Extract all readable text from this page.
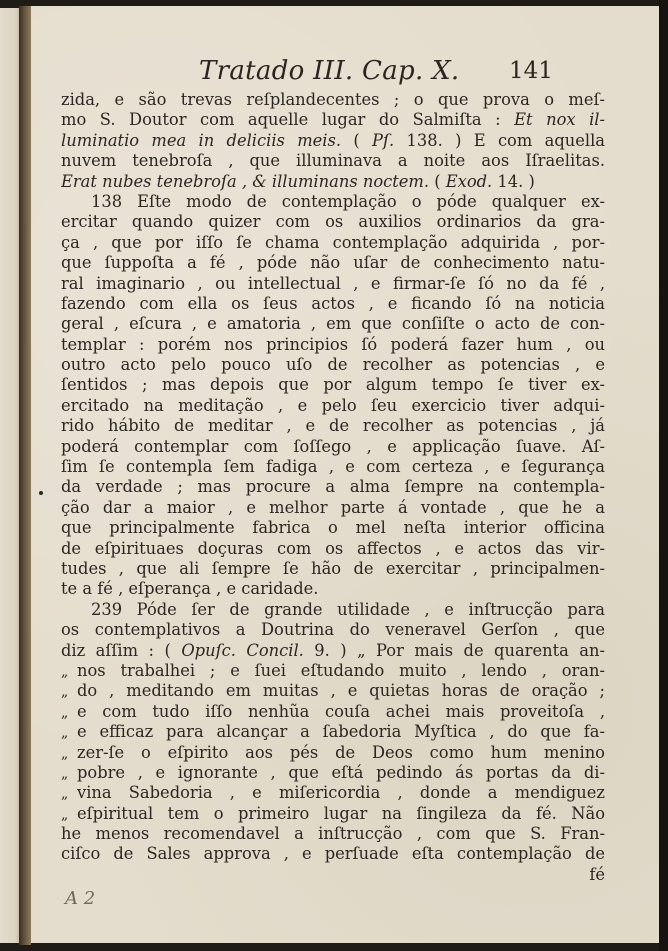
Tratado III. Cap. X. 141
zida, e são trevas reſplandecentes ; o que prova o meſ-
mo S. Doutor com aquelle lugar do Salmiſta : Et nox il-
luminatio mea in deliciis meis. ( Pſ. 138. ) E com aquella
nuvem tenebroſa , que illuminava a noite aos Iſraelitas.
Erat nubes tenebroſa , & illuminans noctem. ( Exod. 14. )
138 Eſte modo de contemplação o póde qualquer ex-
ercitar quando quizer com os auxilios ordinarios da gra-
ça , que por iſſo ſe chama contemplação adquirida , por-
que ſuppoſta a fé , póde não uſar de conhecimento natu-
ral imaginario , ou intellectual , e firmar-ſe ſó no da fé ,
fazendo com ella os ſeus actos , e ficando ſó na noticia
geral , eſcura , e amatoria , em que conſiſte o acto de con-
templar : porém nos principios ſó poderá fazer hum , ou
outro acto pelo pouco uſo de recolher as potencias , e
ſentidos ; mas depois que por algum tempo ſe tiver ex-
ercitado na meditação , e pelo ſeu exercicio tiver adqui-
rido hábito de meditar , e de recolher as potencias , já
poderá contemplar com ſoſſego , e applicação ſuave. Aſ-
ſim ſe contempla ſem fadiga , e com certeza , e ſegurança
da verdade ; mas procure a alma ſempre na contempla-
ção dar a maior , e melhor parte á vontade , que he a
que principalmente fabrica o mel neſta interior officina
de eſpirituaes doçuras com os affectos , e actos das vir-
tudes , que ali ſempre ſe hão de exercitar , principalmen-
te a fé , eſperança , e caridade.
239 Póde ſer de grande utilidade , e inſtrucção para
os contemplativos a Doutrina do veneravel Gerſon , que
diz aſſim : ( Opuſc. Concil. 9. ) „ Por mais de quarenta an-
„ nos trabalhei ; e ſuei eſtudando muito , lendo , oran-
„ do , meditando em muitas , e quietas horas de oração ;
„ e com tudo iſſo nenhũa couſa achei mais proveitoſa ,
„ e efficaz para alcançar a ſabedoria Myſtica , do que fa-
„ zer-ſe o eſpirito aos pés de Deos como hum menino
„ pobre , e ignorante , que eſtá pedindo ás portas da di-
„ vina Sabedoria , e miſericordia , donde a mendiguez
„ eſpiritual tem o primeiro lugar na ſingileza da fé. Não
he menos recomendavel a inſtrucção , com que S. Fran-
ciſco de Sales approva , e perſuade eſta contemplação de
fé
A 2
